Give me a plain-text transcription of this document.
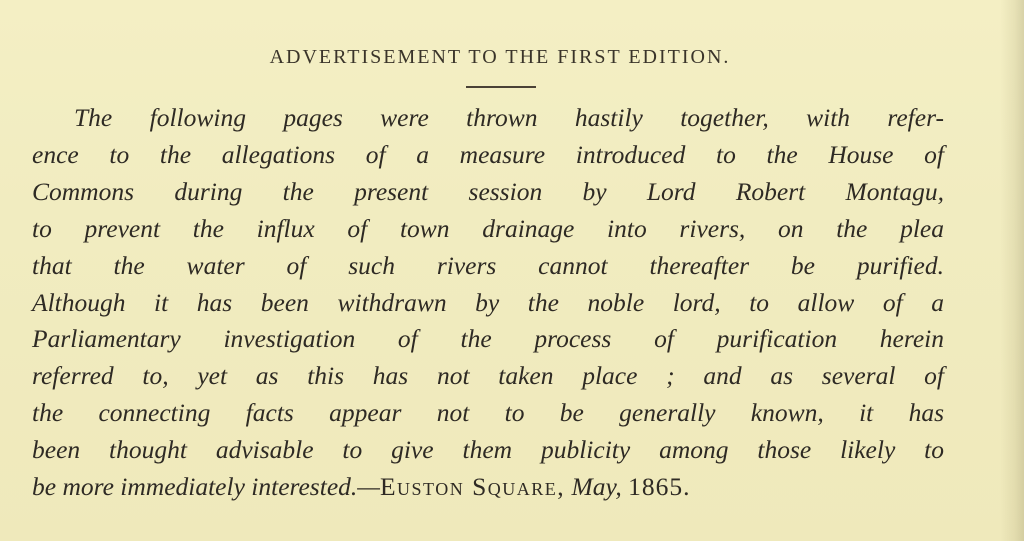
ADVERTISEMENT TO THE FIRST EDITION.
The following pages were thrown hastily together, with refer-
ence to the allegations of a measure introduced to the House of
Commons during the present session by Lord Robert Montagu,
to prevent the influx of town drainage into rivers, on the plea
that the water of such rivers cannot thereafter be purified.
Although it has been withdrawn by the noble lord, to allow of a
Parliamentary investigation of the process of purification herein
referred to, yet as this has not taken place ; and as several of
the connecting facts appear not to be generally known, it has
been thought advisable to give them publicity among those likely to
be more immediately interested.—Euston Square, May, 1865.
